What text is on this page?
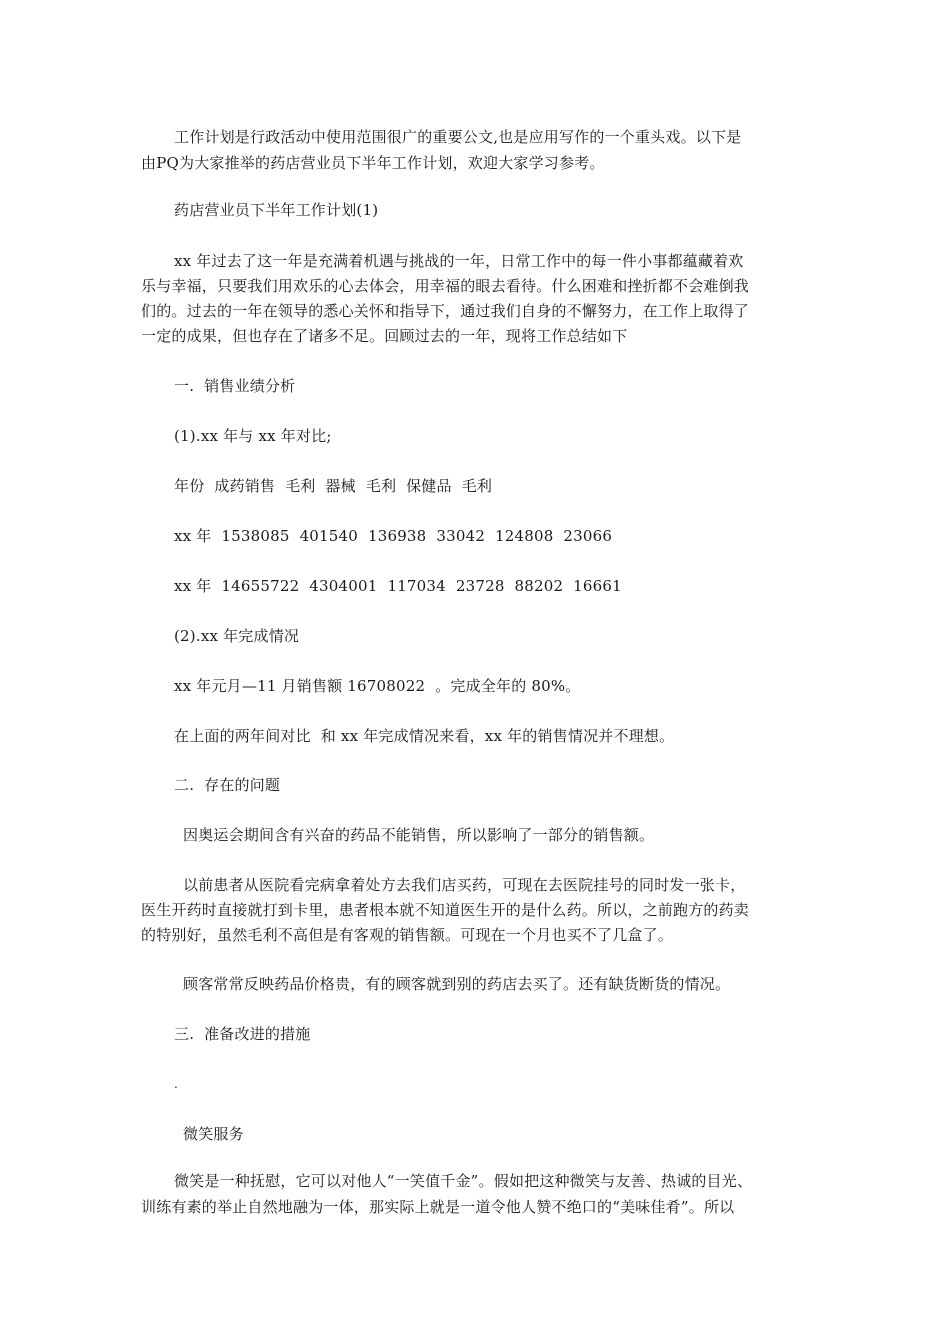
工作计划是行政活动中使用范围很广的重要公文,也是应用写作的一个重头戏。以下是
由PQ为大家推举的药店营业员下半年工作计划，欢迎大家学习参考。
药店营业员下半年工作计划(1)
xx 年过去了这一年是充满着机遇与挑战的一年，日常工作中的每一件小事都蕴藏着欢
乐与幸福，只要我们用欢乐的心去体会，用幸福的眼去看待。什么困难和挫折都不会难倒我
们的。过去的一年在领导的悉心关怀和指导下，通过我们自身的不懈努力，在工作上取得了
一定的成果，但也存在了诸多不足。回顾过去的一年，现将工作总结如下
一.  销售业绩分析
(1).xx 年与 xx 年对比;
年份  成药销售  毛利  器械  毛利  保健品  毛利
xx 年  1538085  401540  136938  33042  124808  23066
xx 年  14655722  4304001  117034  23728  88202  16661
(2).xx 年完成情况
xx 年元月—11 月销售额 16708022  。完成全年的 80%。
在上面的两年间对比  和 xx 年完成情况来看，xx 年的销售情况并不理想。
二.  存在的问题
因奥运会期间含有兴奋的药品不能销售，所以影响了一部分的销售额。
以前患者从医院看完病拿着处方去我们店买药，可现在去医院挂号的同时发一张卡，
医生开药时直接就打到卡里，患者根本就不知道医生开的是什么药。所以，之前跑方的药卖
的特别好，虽然毛利不高但是有客观的销售额。可现在一个月也买不了几盒了。
顾客常常反映药品价格贵，有的顾客就到别的药店去买了。还有缺货断货的情况。
三.  准备改进的措施
.
微笑服务
微笑是一种抚慰，它可以对他人“一笑值千金”。假如把这种微笑与友善、热诚的目光、
训练有素的举止自然地融为一体，那实际上就是一道令他人赞不绝口的“美味佳肴”。所以
